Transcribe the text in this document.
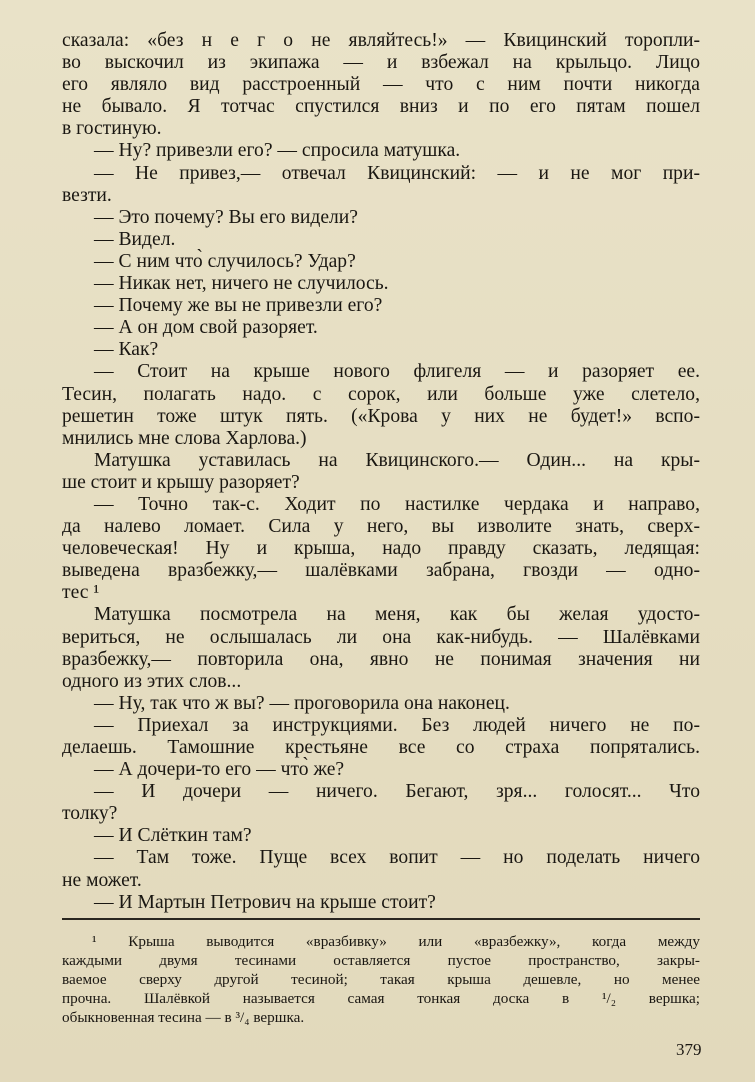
сказала: «без н е г о не являйтесь!» — Квицинский торопли-
во выскочил из экипажа — и взбежал на крыльцо. Лицо
его являло вид расстроенный — что с ним почти никогда
не бывало. Я тотчас спустился вниз и по его пятам пошел
в гостиную.
— Ну? привезли его? — спросила матушка.
— Не привез,— отвечал Квицинский: — и не мог при-
везти.
— Это почему? Вы его видели?
— Видел.
— С ним что̀ случилось? Удар?
— Никак нет, ничего не случилось.
— Почему же вы не привезли его?
— А он дом свой разоряет.
— Как?
— Стоит на крыше нового флигеля — и разоряет ее.
Тесин, полагать надо. с сорок, или больше уже слетело,
решетин тоже штук пять. («Крова у них не будет!» вспо-
мнились мне слова Харлова.)
Матушка уставилась на Квицинского.— Один... на кры-
ше стоит и крышу разоряет?
— Точно так-с. Ходит по настилке чердака и направо,
да налево ломает. Сила у него, вы изволите знать, сверх-
человеческая! Ну и крыша, надо правду сказать, ледящая:
выведена вразбежку,— шалёвками забрана, гвозди — одно-
тес ¹
Матушка посмотрела на меня, как бы желая удосто-
вериться, не ослышалась ли она как-нибудь. — Шалёвками
вразбежку,— повторила она, явно не понимая значения ни
одного из этих слов...
— Ну, так что ж вы? — проговорила она наконец.
— Приехал за инструкциями. Без людей ничего не по-
делаешь. Тамошние крестьяне все со страха попрятались.
— А дочери-то его — что̀ же?
— И дочери — ничего. Бегают, зря... голосят... Что
толку?
— И Слёткин там?
— Там тоже. Пуще всех вопит — но поделать ничего
не может.
— И Мартын Петрович на крыше стоит?
¹ Крыша выводится «вразбивку» или «вразбежку», когда между
каждыми двумя тесинами оставляется пустое пространство, закры-
ваемое сверху другой тесиной; такая крыша дешевле, но менее
прочна. Шалёвкой называется самая тонкая доска в ¹/₂ вершка;
обыкновенная тесина — в ³/₄ вершка.
379
